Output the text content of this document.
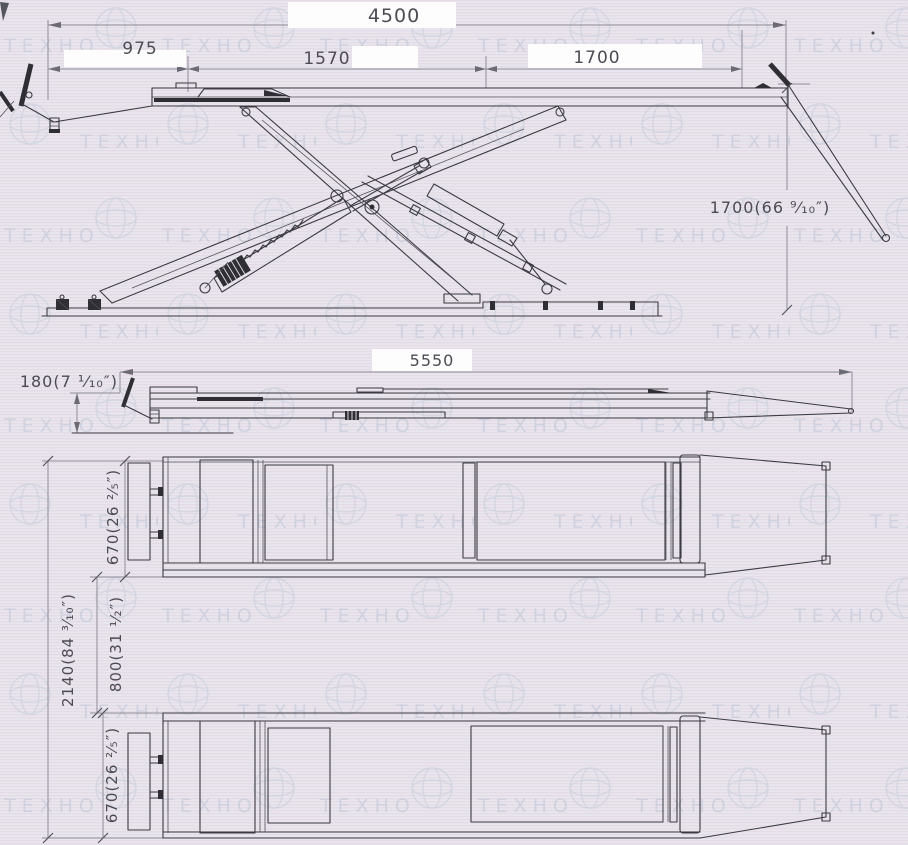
4500
975	1570	1700
1700(66 ⁹⁄₁₀″)
5550
180(7 ¹⁄₁₀″)
670(26 ²⁄₅″)
2140(84 ³⁄₁₀″) 800(31 ¹⁄₂″)
670(26 ²⁄₅″)
